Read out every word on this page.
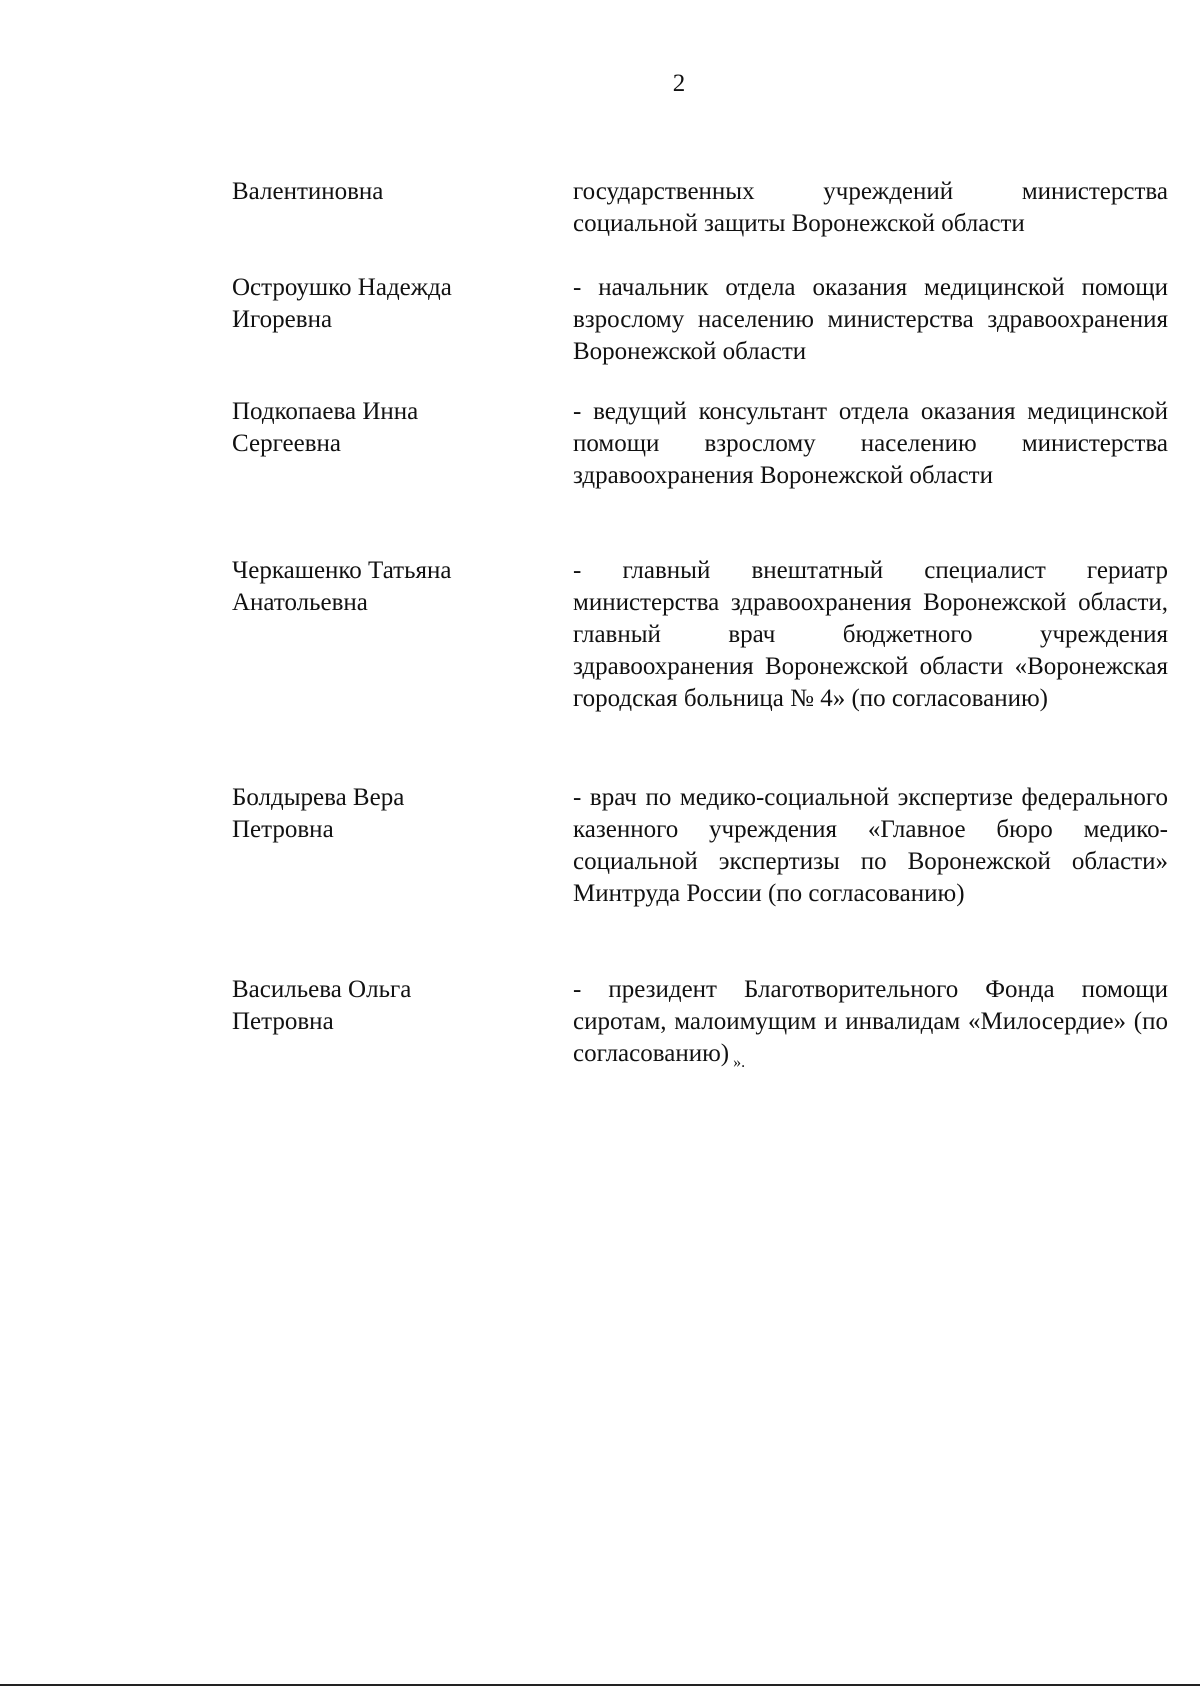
2
Валентиновна	государственных учреждений министерства социальной защиты Воронежской области

Остроушко Надежда
Игоревна

- начальник отдела оказания медицинской помощи взрослому населению министерства здравоохранения Воронежской области

Подкопаева Инна
Сергеевна

- ведущий консультант отдела оказания медицинской помощи взрослому населению министерства здравоохранения Воронежской области

Черкашенко Татьяна
Анатольевна

- главный внештатный специалист гериатр министерства здравоохранения Воронежской области, главный врач бюджетного учреждения здравоохранения Воронежской области «Воронежская городская больница № 4» (по согласованию)

Болдырева Вера
Петровна

- врач по медико-социальной экспертизе федерального казенного учреждения «Главное бюро медико-социальной экспертизы по Воронежской области» Минтруда России (по согласованию)

Васильева Ольга
Петровна

- президент Благотворительного Фонда помощи сиротам, малоимущим и инвалидам «Милосердие» (по согласованию) $_{».}$
